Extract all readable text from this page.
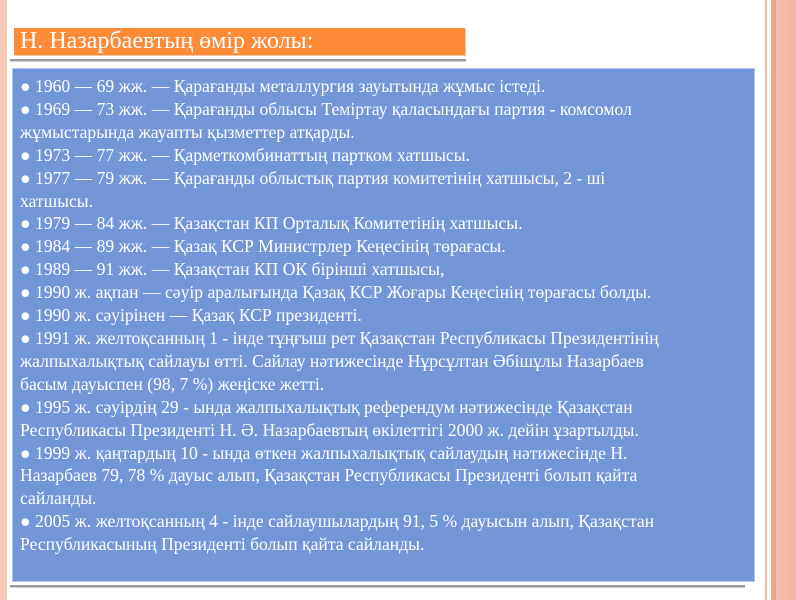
Н. Назарбаевтың өмір жолы:
● 1960 — 69 жж. — Қарағанды металлургия зауытында жұмыс істеді.
● 1969 — 73 жж. — Қарағанды облысы Теміртау қаласындағы партия - комсомол
жұмыстарында жауапты қызметтер атқарды.
● 1973 — 77 жж. — Қарметкомбинаттың партком хатшысы.
● 1977 — 79 жж. — Қарағанды облыстық партия комитетінің хатшысы, 2 - ші
хатшысы.
● 1979 — 84 жж. — Қазақстан КП Орталық Комитетінің хатшысы.
● 1984 — 89 жж. — Қазақ КСР Министрлер Кеңесінің төрағасы.
● 1989 — 91 жж. — Қазақстан КП ОК бірінші хатшысы,
● 1990 ж. ақпан — сәуір аралығында Қазақ КСР Жоғары Кеңесінің төрағасы болды.
● 1990 ж. сәуірінен — Қазақ КСР президенті.
● 1991 ж. желтоқсанның 1 - інде тұңғыш рет Қазақстан Республикасы Президентінің
жалпыхалықтық сайлауы өтті. Сайлау нәтижесінде Нұрсұлтан Әбішұлы Назарбаев
басым дауыспен (98, 7 %) жеңіске жетті.
● 1995 ж. сәуірдің 29 - ында жалпыхалықтық референдум нәтижесінде Қазақстан
Республикасы Президенті Н. Ә. Назарбаевтың өкілеттігі 2000 ж. дейін ұзартылды.
● 1999 ж. қаңтардың 10 - ында өткен жалпыхалықтық сайлаудың нәтижесінде Н.
Назарбаев 79, 78 % дауыс алып, Қазақстан Республикасы Президенті болып қайта
сайланды.
● 2005 ж. желтоқсанның 4 - інде сайлаушылардың 91, 5 % дауысын алып, Қазақстан
Республикасының Президенті болып қайта сайланды.
